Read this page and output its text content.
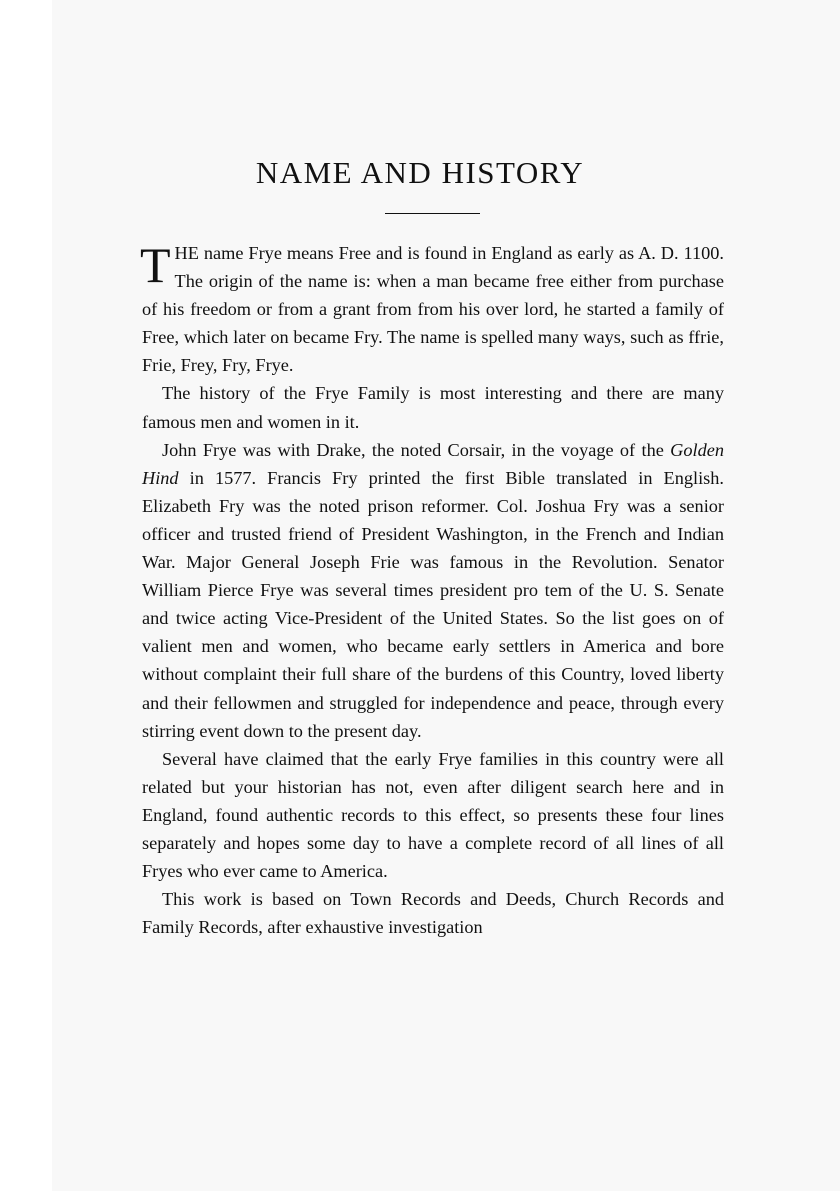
NAME AND HISTORY

THE name Frye means Free and is found in England as early as A. D. 1100. The origin of the name is: when a man became free either from purchase of his freedom or from a grant from from his over lord, he started a family of Free, which later on became Fry. The name is spelled many ways, such as ffrie, Frie, Frey, Fry, Frye.

The history of the Frye Family is most interesting and there are many famous men and women in it.

John Frye was with Drake, the noted Corsair, in the voyage of the Golden Hind in 1577. Francis Fry printed the first Bible translated in English. Elizabeth Fry was the noted prison reformer. Col. Joshua Fry was a senior officer and trusted friend of President Washington, in the French and Indian War. Major General Joseph Frie was famous in the Revolution. Senator William Pierce Frye was several times president pro tem of the U. S. Senate and twice acting Vice-President of the United States. So the list goes on of valient men and women, who became early settlers in America and bore without complaint their full share of the burdens of this Country, loved liberty and their fellowmen and struggled for independence and peace, through every stirring event down to the present day.

Several have claimed that the early Frye families in this country were all related but your historian has not, even after diligent search here and in England, found authentic records to this effect, so presents these four lines separately and hopes some day to have a complete record of all lines of all Fryes who ever came to America.

This work is based on Town Records and Deeds, Church Records and Family Records, after exhaustive investigation
